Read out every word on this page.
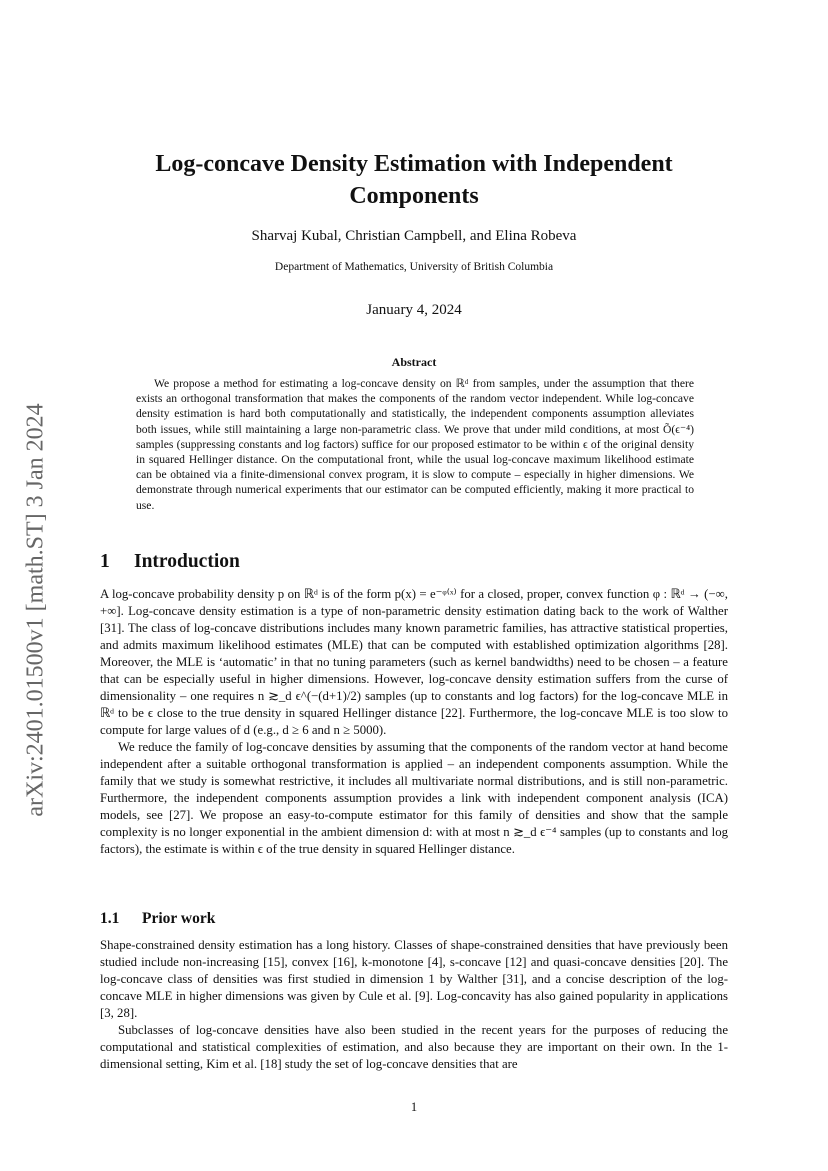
arXiv:2401.01500v1 [math.ST] 3 Jan 2024
Log-concave Density Estimation with Independent Components
Sharvaj Kubal, Christian Campbell, and Elina Robeva
Department of Mathematics, University of British Columbia
January 4, 2024
Abstract
We propose a method for estimating a log-concave density on ℝᵈ from samples, under the assumption that there exists an orthogonal transformation that makes the components of the random vector independent. While log-concave density estimation is hard both computationally and statistically, the independent components assumption alleviates both issues, while still maintaining a large non-parametric class. We prove that under mild conditions, at most Õ(ϵ⁻⁴) samples (suppressing constants and log factors) suffice for our proposed estimator to be within ϵ of the original density in squared Hellinger distance. On the computational front, while the usual log-concave maximum likelihood estimate can be obtained via a finite-dimensional convex program, it is slow to compute – especially in higher dimensions. We demonstrate through numerical experiments that our estimator can be computed efficiently, making it more practical to use.
1 Introduction

A log-concave probability density p on ℝᵈ is of the form p(x) = e⁻ᵠ⁽ˣ⁾ for a closed, proper, convex function φ : ℝᵈ → (−∞, +∞]. Log-concave density estimation is a type of non-parametric density estimation dating back to the work of Walther [31]. The class of log-concave distributions includes many known parametric families, has attractive statistical properties, and admits maximum likelihood estimates (MLE) that can be computed with established optimization algorithms [28]. Moreover, the MLE is ‘automatic’ in that no tuning parameters (such as kernel bandwidths) need to be chosen – a feature that can be especially useful in higher dimensions. However, log-concave density estimation suffers from the curse of dimensionality – one requires n ≳_d ϵ^(−(d+1)/2) samples (up to constants and log factors) for the log-concave MLE in ℝᵈ to be ϵ close to the true density in squared Hellinger distance [22]. Furthermore, the log-concave MLE is too slow to compute for large values of d (e.g., d ≥ 6 and n ≥ 5000).

We reduce the family of log-concave densities by assuming that the components of the random vector at hand become independent after a suitable orthogonal transformation is applied – an independent components assumption. While the family that we study is somewhat restrictive, it includes all multivariate normal distributions, and is still non-parametric. Furthermore, the independent components assumption provides a link with independent component analysis (ICA) models, see [27]. We propose an easy-to-compute estimator for this family of densities and show that the sample complexity is no longer exponential in the ambient dimension d: with at most n ≳_d ϵ⁻⁴ samples (up to constants and log factors), the estimate is within ϵ of the true density in squared Hellinger distance.

1.1 Prior work

Shape-constrained density estimation has a long history. Classes of shape-constrained densities that have previously been studied include non-increasing [15], convex [16], k-monotone [4], s-concave [12] and quasi-concave densities [20]. The log-concave class of densities was first studied in dimension 1 by Walther [31], and a concise description of the log-concave MLE in higher dimensions was given by Cule et al. [9]. Log-concavity has also gained popularity in applications [3, 28].

Subclasses of log-concave densities have also been studied in the recent years for the purposes of reducing the computational and statistical complexities of estimation, and also because they are important on their own. In the 1-dimensional setting, Kim et al. [18] study the set of log-concave densities that are

1
